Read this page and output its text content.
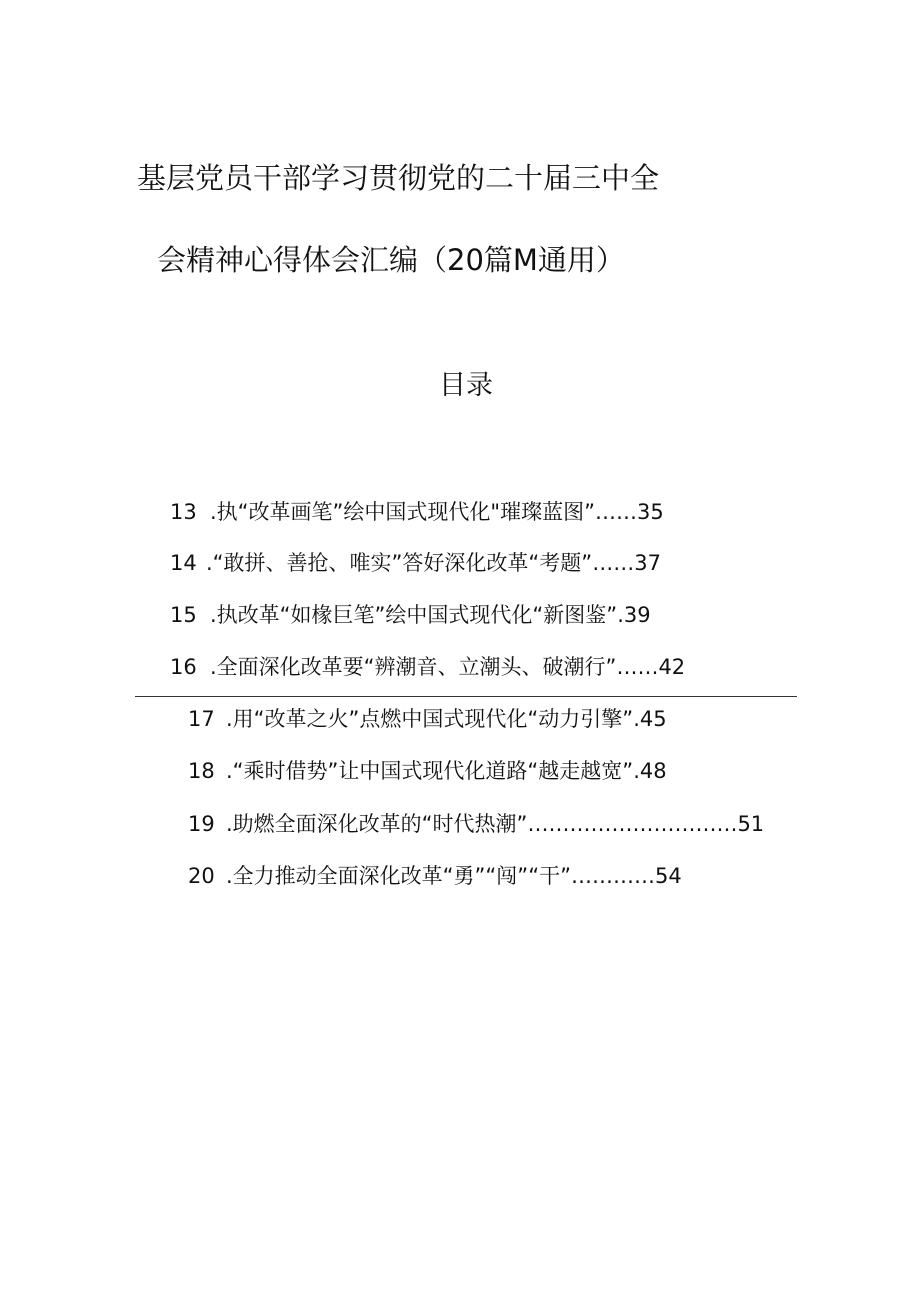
基层党员干部学习贯彻党的二十届三中全
会精神心得体会汇编（20篇M通用）
目录
13 .执“改革画笔”绘中国式现代化"璀璨蓝图”……35
14 .“敢拼、善抢、唯实”答好深化改革“考题”……37
15 .执改革“如椽巨笔”绘中国式现代化“新图鉴”.39
16 .全面深化改革要“辨潮音、立潮头、破潮行”……42
17 .用“改革之火”点燃中国式现代化“动力引擎”.45
18 .“乘时借势”让中国式现代化道路“越走越宽”.48
19 .助燃全面深化改革的“时代热潮”…………………………51
20 .全力推动全面深化改革“勇”“闯”“干”…………54
